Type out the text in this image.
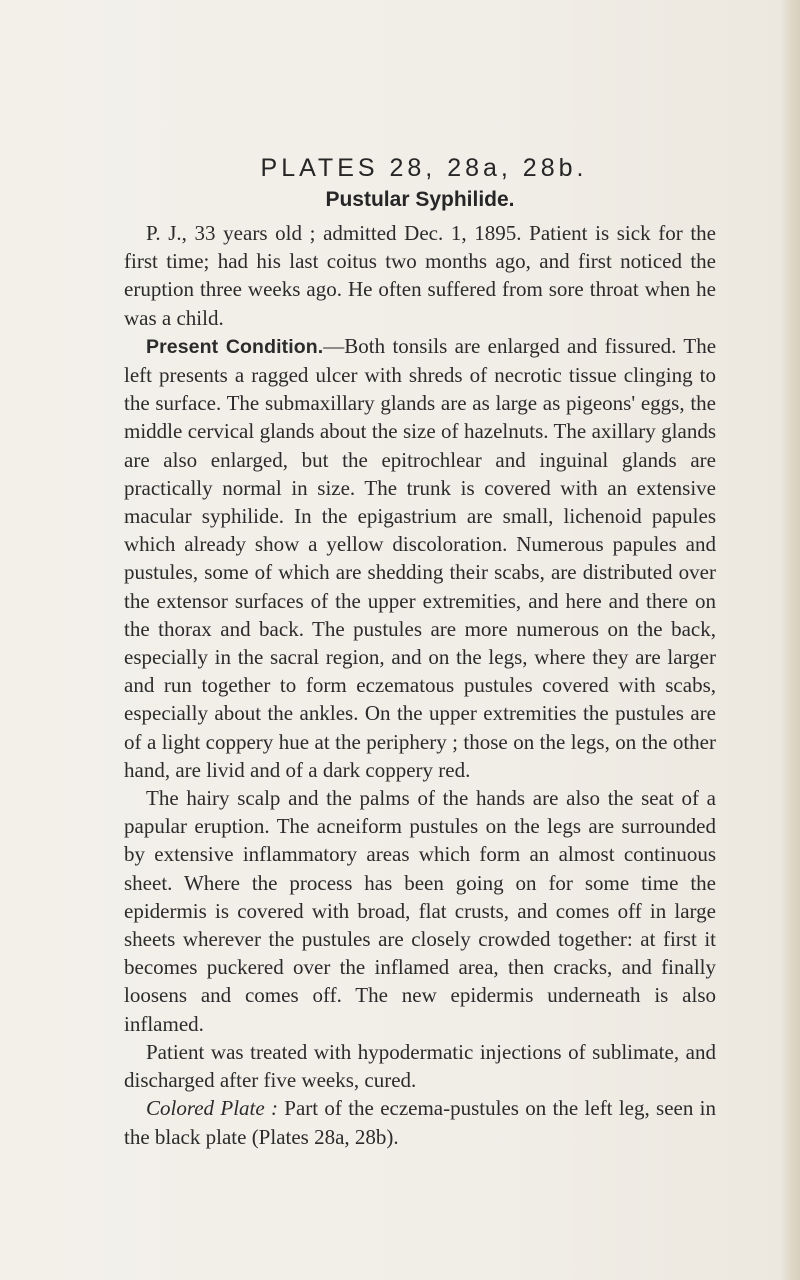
PLATES 28, 28a, 28b.
Pustular Syphilide.

P. J., 33 years old ; admitted Dec. 1, 1895. Patient is sick for the first time; had his last coitus two months ago, and first noticed the eruption three weeks ago. He often suffered from sore throat when he was a child.

Present Condition.—Both tonsils are enlarged and fissured. The left presents a ragged ulcer with shreds of necrotic tissue clinging to the surface. The submaxillary glands are as large as pigeons' eggs, the middle cervical glands about the size of hazelnuts. The axillary glands are also enlarged, but the epitrochlear and inguinal glands are practically normal in size. The trunk is covered with an extensive macular syphilide. In the epigastrium are small, lichenoid papules which already show a yellow discoloration. Numerous papules and pustules, some of which are shedding their scabs, are distributed over the extensor surfaces of the upper extremities, and here and there on the thorax and back. The pustules are more numerous on the back, especially in the sacral region, and on the legs, where they are larger and run together to form eczematous pustules covered with scabs, especially about the ankles. On the upper extremities the pustules are of a light coppery hue at the periphery ; those on the legs, on the other hand, are livid and of a dark coppery red.

The hairy scalp and the palms of the hands are also the seat of a papular eruption. The acneiform pustules on the legs are surrounded by extensive inflammatory areas which form an almost continuous sheet. Where the process has been going on for some time the epidermis is covered with broad, flat crusts, and comes off in large sheets wherever the pustules are closely crowded together: at first it becomes puckered over the inflamed area, then cracks, and finally loosens and comes off. The new epidermis underneath is also inflamed.

Patient was treated with hypodermatic injections of sublimate, and discharged after five weeks, cured.

Colored Plate : Part of the eczema-pustules on the left leg, seen in the black plate (Plates 28a, 28b).
